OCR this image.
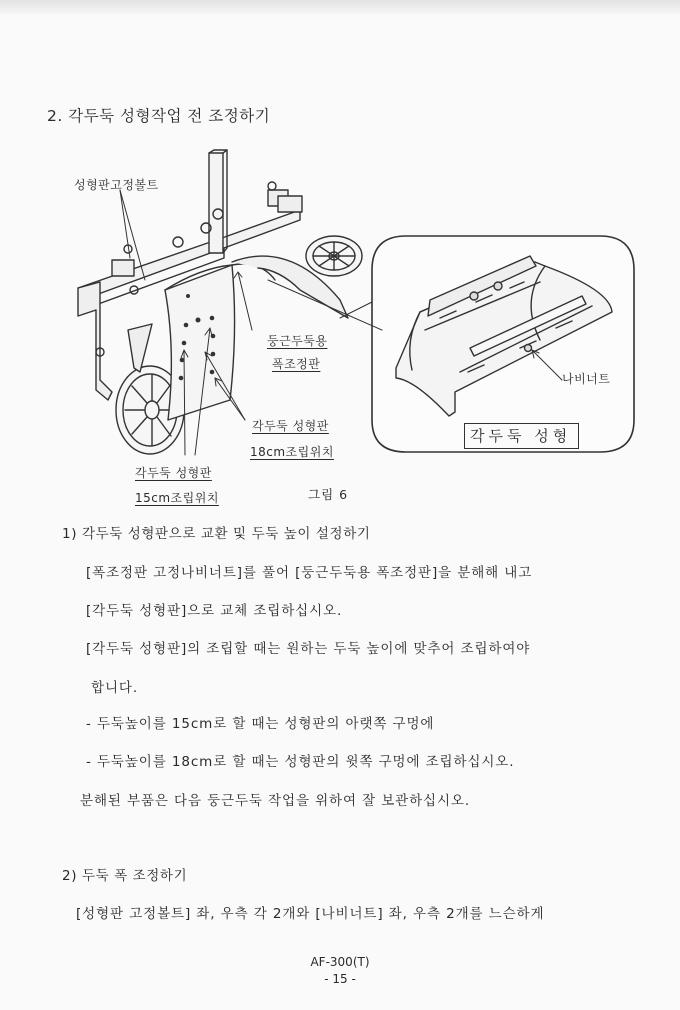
2. 각두둑 성형작업 전 조정하기
성형판고정볼트
둥근두둑용
폭조정판
각두둑 성형판
18cm조립위치
각두둑 성형판
15cm조립위치
나비너트
각두둑 성형
그림 6
1) 각두둑 성형판으로 교환 및 두둑 높이 설정하기
[폭조정판 고정나비너트]를 풀어 [둥근두둑용 폭조정판]을 분해해 내고
[각두둑 성형판]으로 교체 조립하십시오.
[각두둑 성형판]의 조립할 때는 원하는 두둑 높이에 맞추어 조립하여야
합니다.
- 두둑높이를 15cm로 할 때는 성형판의 아랫쪽 구멍에
- 두둑높이를 18cm로 할 때는 성형판의 윗쪽 구멍에 조립하십시오.
분해된 부품은 다음 둥근두둑 작업을 위하여 잘 보관하십시오.
2) 두둑 폭 조정하기
[성형판 고정볼트] 좌, 우측 각 2개와 [나비너트] 좌, 우측 2개를 느슨하게
AF-300(T)
- 15 -
